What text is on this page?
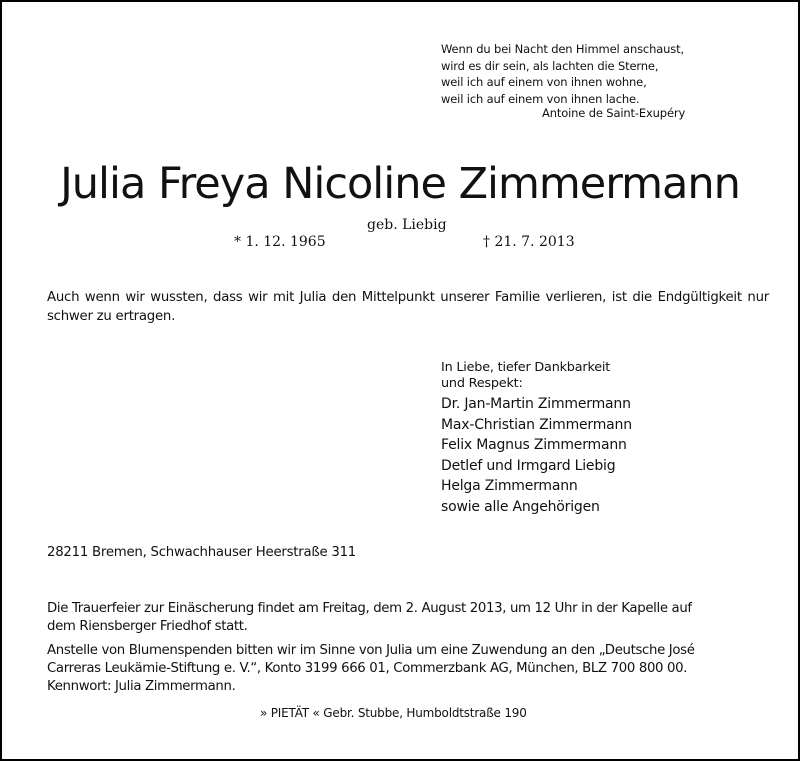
Wenn du bei Nacht den Himmel anschaust,
wird es dir sein, als lachten die Sterne,
weil ich auf einem von ihnen wohne,
weil ich auf einem von ihnen lache.
Antoine de Saint-Exupéry
Julia Freya Nicoline Zimmermann
geb. Liebig
* 1. 12. 1965	† 21. 7. 2013
Auch wenn wir wussten, dass wir mit Julia den Mittelpunkt unserer Familie verlieren, ist die Endgültigkeit nur schwer zu ertragen.
In Liebe, tiefer Dankbarkeit
und Respekt:
Dr. Jan-Martin Zimmermann
Max-Christian Zimmermann
Felix Magnus Zimmermann
Detlef und Irmgard Liebig
Helga Zimmermann
sowie alle Angehörigen
28211 Bremen, Schwachhauser Heerstraße 311
Die Trauerfeier zur Einäscherung findet am Freitag, dem 2. August 2013, um 12 Uhr in der Kapelle auf
dem Riensberger Friedhof statt.
Anstelle von Blumenspenden bitten wir im Sinne von Julia um eine Zuwendung an den „Deutsche José
Carreras Leukämie-Stiftung e. V.“, Konto 3199 666 01, Commerzbank AG, München, BLZ 700 800 00.
Kennwort: Julia Zimmermann.
» PIETÄT « Gebr. Stubbe, Humboldtstraße 190
